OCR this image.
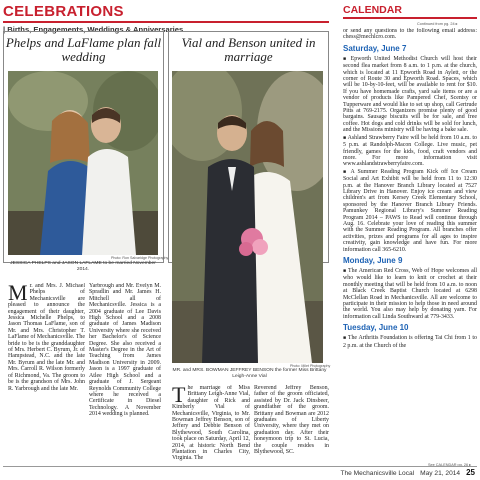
CELEBRATIONS
| Births, Engagements, Weddings & Anniversaries
Phelps and LaFlame plan fall wedding
Photo: Ron Salvaridge Photography
JESSICA PHELPS and JASON LAFLAME to be married November 2014.
Mr. and Mrs. J. Michael Phelps of Mechanicsville are pleased to announce the engagement of their daughter, Jessica Michelle Phelps, to Jason Thomas LaFlame, son of Mr. and Mrs. Christopher T. LaFlame of Mechanicsville. The bride to be is the granddaughter of Mrs. Herbert C. Byrum, Jr. of Hampstead, N.C. and the late Mr. Byrum and the late Mr. and Mrs. Carroll R. Wilson formerly of Richmond, Va. The groom to be is the grandson of Mrs. John R. Yarbrough and the late Mr.
Yarbrough and Mr. Evelyn M. Spradlin and Mr. James H. Mitchell all of Mechanicsville. Jessica is a 2004 graduate of Lee Davis High School and a 2008 graduate of James Madison University where she received her Bachelor's of Science Degree. She also received a Master's Degree in the Art of Teaching from James Madison University in 2009. Jason is a 1997 graduate of Atlee High School and a graduate of J. Sergeant Reynolds Community College where he received a Certificate in Diesel Technology. A November 2014 wedding is planned.
Vial and Benson united in marriage
Photo: Milet Photography
MR. and MRS. BOWMAN JEFFREY BENSON the former Miss Brittany Leigh-Anne Vial
The marriage of Miss Brittany Leigh-Anne Vial, daughter of Rick and Kimberly Vial of Mechanicsville, Virginia, to Mr. Bowman Jeffrey Benson, son of Jeffery and Debbie Benson of Blythewood, South Carolina, took place on Saturday, April 12, 2014, at historic North Bend Plantation in Charles City, Virginia. The
Reverend Jeffrey Benson, father of the groom officiated, assisted by Dr. Jack Dinsbeer, grandfather of the groom. Brittany and Bowman are 2012 graduates of Liberty University, where they met on graduation day. After their honeymoon trip to St. Lucia, the couple resides in Blythewood, SC.
CALENDAR
Continued from pg. 24 ▸
or send any questions to the following email address: chess@mechlcro.com.
Saturday, June 7
■ Epworth United Methodist Church will host their second flea market from 8 a.m. to 1 p.m. at the church, which is located at 11 Epworth Road in Aylett, or the corner of Route 30 and Epworth Road. Spaces, which will be 10-by-10-feet, will be available to rent for $10. If you have homemade crafts, yard sale items or are a vendor of products like Pampered Chef, Scentsy or Tupperware and would like to set up shop, call Gertrude Pitts at 769-2175. Organizers promise plenty of good bargains. Sausage biscuits will be for sale, and free coffee. Hot dogs and cold drinks will be sold for lunch, and the Missions ministry will be having a bake sale.
■ Ashland Strawberry Faire will be held from 10 a.m. to 5 p.m. at Randolph-Macon College. Live music, pet friendly, games for the kids, food, craft vendors and more. For more information visit www.ashlandstrawberryfaire.com.
■ A Summer Reading Program Kick off Ice Cream Social and Art Exhibit will be held from 11 to 12:30 p.m. at the Hanover Branch Library located at 7527 Library Drive in Hanover. Enjoy ice cream and view children's art from Kersey Creek Elementary School, sponsored by the Hanover Branch Library Friends. Pamunkey Regional Library's Summer Reading Program 2014 – PAWS to Read will continue through Aug. 16. Celebrate your love of reading this summer with the Summer Reading Program. All branches offer activities, prizes and programs for all ages to inspire creativity, gain knowledge and have fun. For more information call 365-6210.
Monday, June 9
■ The American Red Cross, Web of Hope welcomes all who would like to learn to knit or crochet at their monthly meeting that will be held from 10 a.m. to noon at Black Creek Baptist Church located at 6298 McClellan Road in Mechanicsville. All are welcome to participate in their mission to help those in need around the world. You also may help by donating yarn. For information call Linda Southward at 779-3433.
Tuesday, June 10
■ The Arthritis Foundation is offering Tai Chi from 1 to 2 p.m. at the Church of the
See CALENDAR pg. 26 ▸
The Mechanicsville Local May 21, 2014 25
